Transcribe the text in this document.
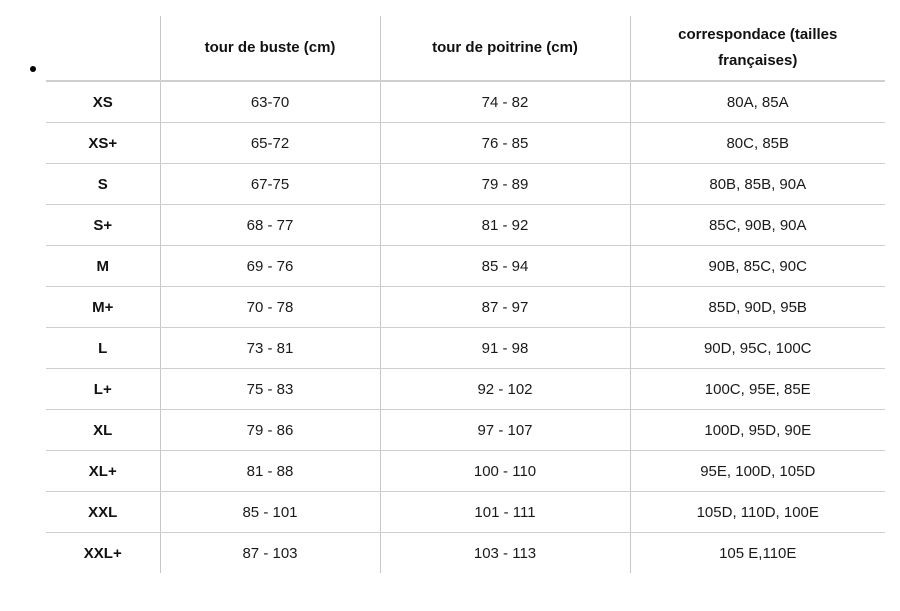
	tour de buste (cm)	tour de poitrine (cm)	correspondace (tailles françaises)
XS	63-70	74 - 82	80A, 85A
XS+	65-72	76 - 85	80C, 85B
S	67-75	79 - 89	80B, 85B, 90A
S+	68 - 77	81 - 92	85C, 90B, 90A
M	69 - 76	85 - 94	90B, 85C, 90C
M+	70 - 78	87 - 97	85D, 90D, 95B
L	73 - 81	91 - 98	90D, 95C, 100C
L+	75 - 83	92 - 102	100C, 95E, 85E
XL	79 - 86	97 - 107	100D, 95D, 90E
XL+	81 - 88	100 - 110	95E, 100D, 105D
XXL	85 - 101	101 - 111	105D, 110D, 100E
XXL+	87 - 103	103 - 113	105 E,110E
